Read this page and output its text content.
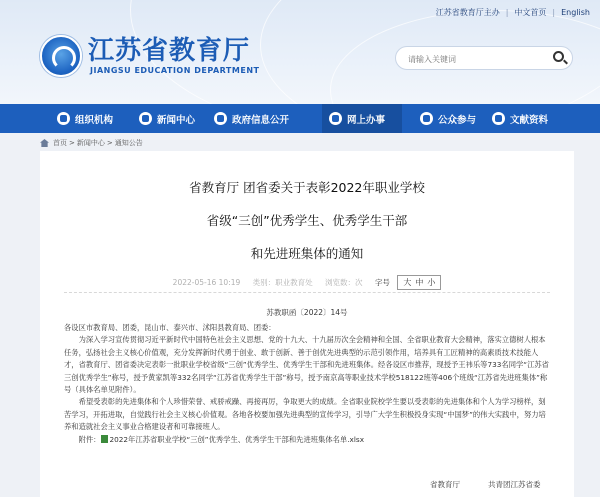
江苏省教育厅主办 | 中文首页 | English
江苏省教育厅
JIANGSU EDUCATION DEPARTMENT
请输入关键词
组织机构	新闻中心	政府信息公开	网上办事	公众参与	文献资料
首页 > 新闻中心 > 通知公告
省教育厅 团省委关于表彰2022年职业学校
省级“三创”优秀学生、优秀学生干部
和先进班集体的通知
2022-05-16 10:19 类别：职业教育处 浏览数：次 字号 大 中 小
苏教职函〔2022〕14号

各设区市教育局、团委，昆山市、泰兴市、沭阳县教育局、团委：

为深入学习宣传贯彻习近平新时代中国特色社会主义思想、党的十九大、十九届历次全会精神和全国、全省职业教育大会精神，落实立德树人根本任务，弘扬社会主义核心价值观，充分发挥新时代勇于创业、敢于创新、善于创优先进典型的示范引领作用，培养具有工匠精神的高素质技术技能人才，省教育厅、团省委决定表彰一批职业学校省级“三创”优秀学生、优秀学生干部和先进班集体。经各设区市推荐，现授予王祎乐等733名同学“江苏省三创优秀学生”称号，授予黄家凯等332名同学“江苏省优秀学生干部”称号，授予南京高等职业技术学校518122班等406个班级“江苏省先进班集体”称号（具体名单见附件）。

希望受表彰的先进集体和个人珍惜荣誉、戒骄戒躁、再接再厉，争取更大的成绩。全省职业院校学生要以受表彰的先进集体和个人为学习榜样，刻苦学习，开拓进取，自觉践行社会主义核心价值观。各地各校要加强先进典型的宣传学习，引导广大学生积极投身实现“中国梦”的伟大实践中，努力培养和造就社会主义事业合格建设者和可靠接班人。

附件： 2022年江苏省职业学校“三创”优秀学生、优秀学生干部和先进班集体名单.xlsx

省教育厅	共青团江苏省委
